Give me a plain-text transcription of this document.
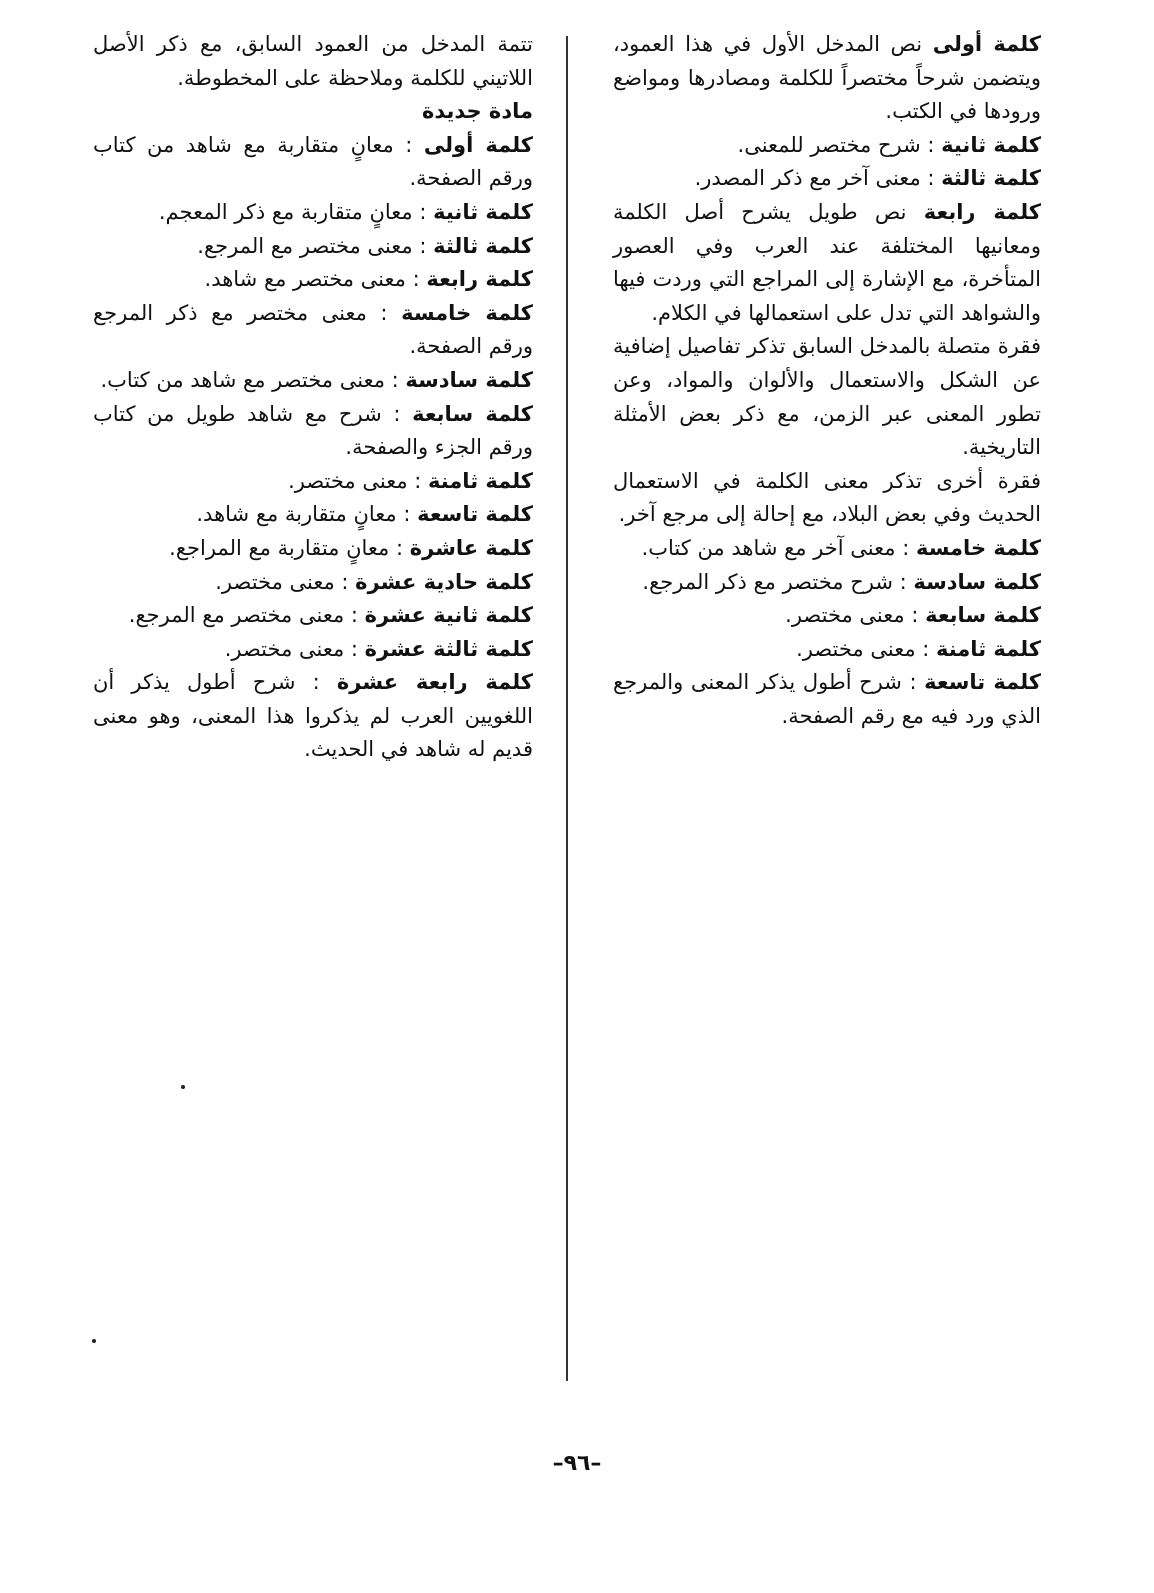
كلمة أولى نص المدخل الأول في هذا العمود، ويتضمن شرحاً مختصراً للكلمة ومصادرها ومواضع ورودها في الكتب.

كلمة ثانية : شرح مختصر للمعنى.

كلمة ثالثة : معنى آخر مع ذكر المصدر.

كلمة رابعة نص طويل يشرح أصل الكلمة ومعانيها المختلفة عند العرب وفي العصور المتأخرة، مع الإشارة إلى المراجع التي وردت فيها والشواهد التي تدل على استعمالها في الكلام.

فقرة متصلة بالمدخل السابق تذكر تفاصيل إضافية عن الشكل والاستعمال والألوان والمواد، وعن تطور المعنى عبر الزمن، مع ذكر بعض الأمثلة التاريخية.

فقرة أخرى تذكر معنى الكلمة في الاستعمال الحديث وفي بعض البلاد، مع إحالة إلى مرجع آخر.

كلمة خامسة : معنى آخر مع شاهد من كتاب.

كلمة سادسة : شرح مختصر مع ذكر المرجع.

كلمة سابعة : معنى مختصر.

كلمة ثامنة : معنى مختصر.

كلمة تاسعة : شرح أطول يذكر المعنى والمرجع الذي ورد فيه مع رقم الصفحة.

تتمة المدخل من العمود السابق، مع ذكر الأصل اللاتيني للكلمة وملاحظة على المخطوطة.

مادة جديدة

كلمة أولى : معانٍ متقاربة مع شاهد من كتاب ورقم الصفحة.

كلمة ثانية : معانٍ متقاربة مع ذكر المعجم.

كلمة ثالثة : معنى مختصر مع المرجع.

كلمة رابعة : معنى مختصر مع شاهد.

كلمة خامسة : معنى مختصر مع ذكر المرجع ورقم الصفحة.

كلمة سادسة : معنى مختصر مع شاهد من كتاب.

كلمة سابعة : شرح مع شاهد طويل من كتاب ورقم الجزء والصفحة.

كلمة ثامنة : معنى مختصر.

كلمة تاسعة : معانٍ متقاربة مع شاهد.

كلمة عاشرة : معانٍ متقاربة مع المراجع.

كلمة حادية عشرة : معنى مختصر.

كلمة ثانية عشرة : معنى مختصر مع المرجع.

كلمة ثالثة عشرة : معنى مختصر.

كلمة رابعة عشرة : شرح أطول يذكر أن اللغويين العرب لم يذكروا هذا المعنى، وهو معنى قديم له شاهد في الحديث.

–٩٦–
